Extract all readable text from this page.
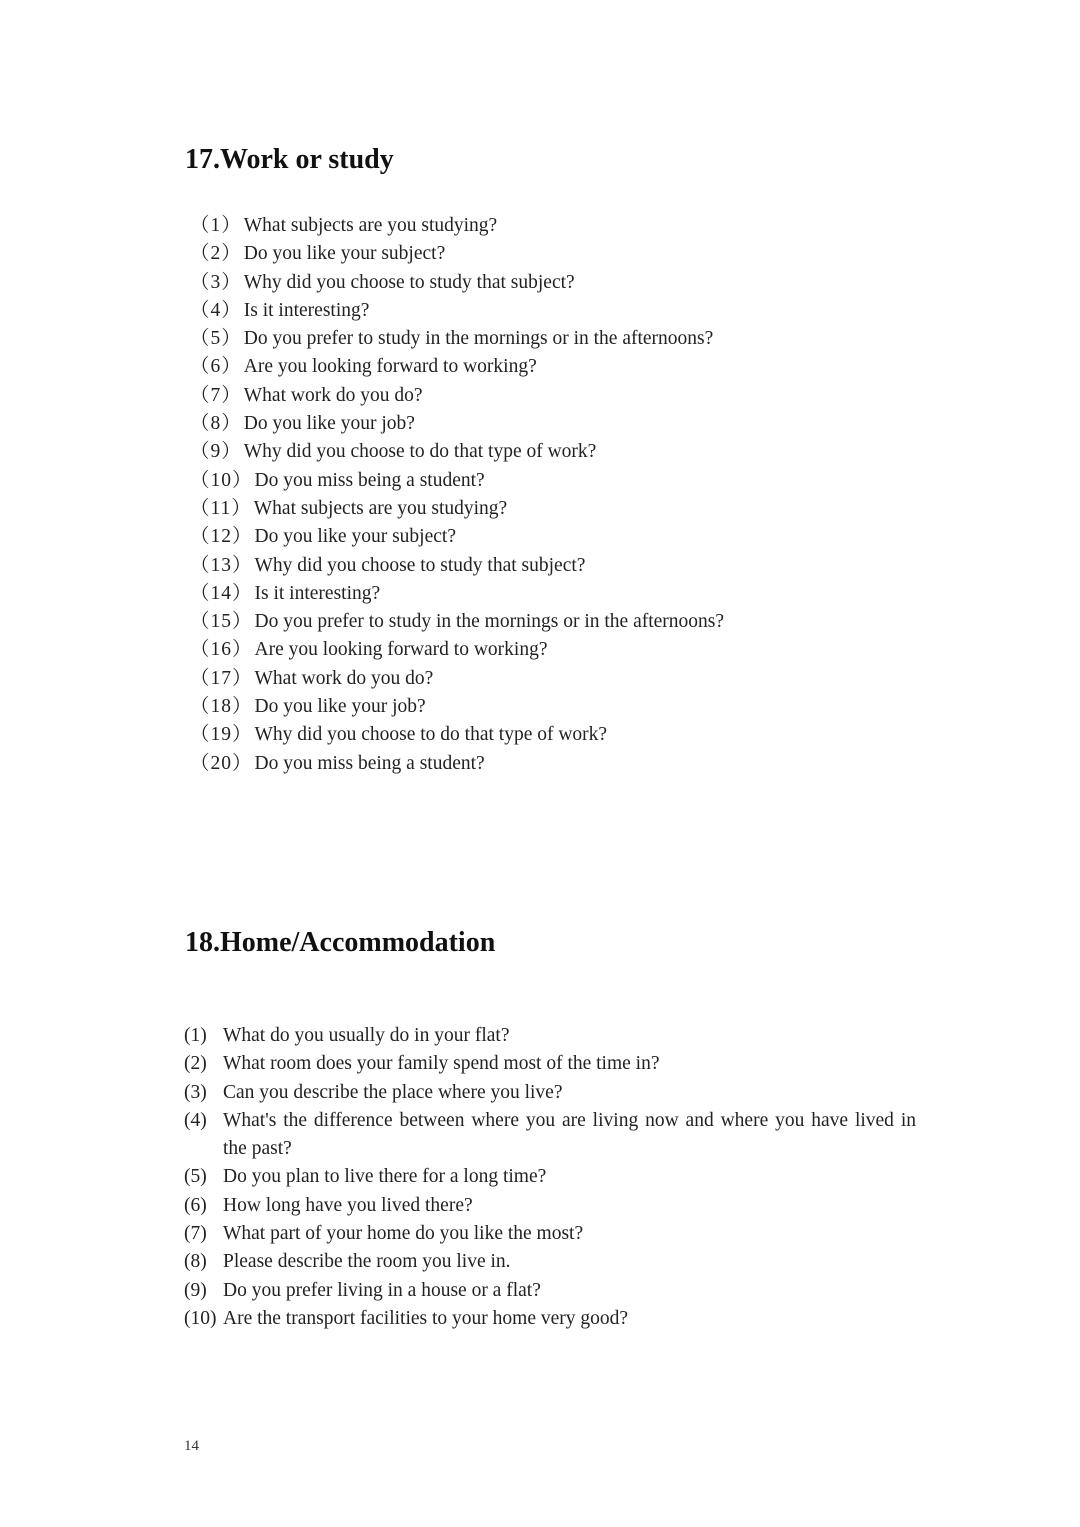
17.Work or study
（1） What subjects are you studying?
（2） Do you like your subject?
（3） Why did you choose to study that subject?
（4） Is it interesting?
（5） Do you prefer to study in the mornings or in the afternoons?
（6） Are you looking forward to working?
（7） What work do you do?
（8） Do you like your job?
（9） Why did you choose to do that type of work?
（10） Do you miss being a student?
（11） What subjects are you studying?
（12） Do you like your subject?
（13） Why did you choose to study that subject?
（14） Is it interesting?
（15） Do you prefer to study in the mornings or in the afternoons?
（16） Are you looking forward to working?
（17） What work do you do?
（18） Do you like your job?
（19） Why did you choose to do that type of work?
（20） Do you miss being a student?
18.Home/Accommodation
(1) What do you usually do in your flat?
(2) What room does your family spend most of the time in?
(3) Can you describe the place where you live?
(4) What's the difference between where you are living now and where you have lived in the past?
(5) Do you plan to live there for a long time?
(6) How long have you lived there?
(7) What part of your home do you like the most?
(8) Please describe the room you live in.
(9) Do you prefer living in a house or a flat?
(10) Are the transport facilities to your home very good?
14
